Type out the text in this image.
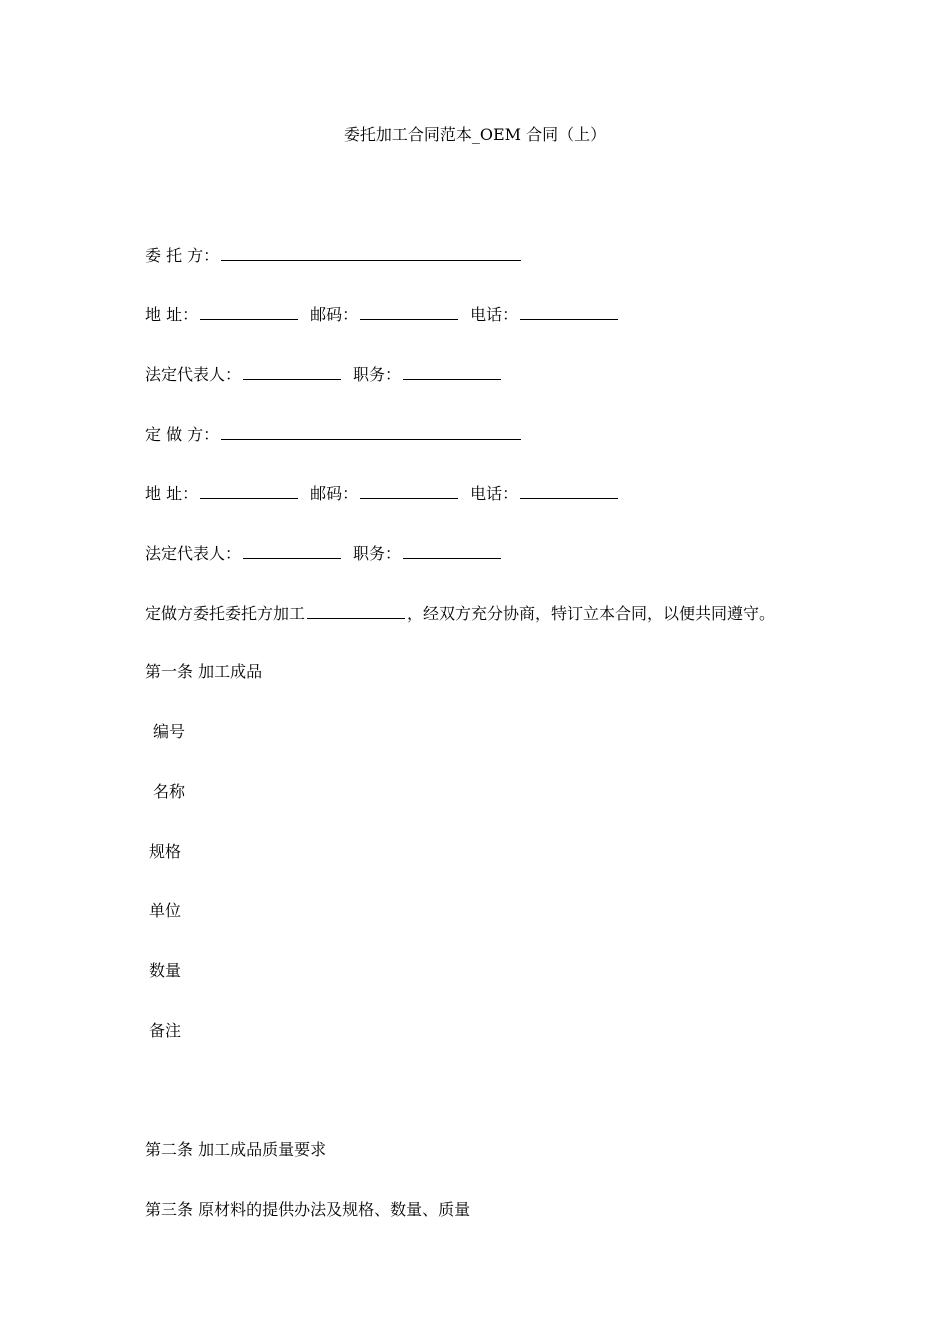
委托加工合同范本_OEM 合同（上）
委 托 方：
地 址：	邮码：	电话：
法定代表人：	职务：
定 做 方：
地 址：	邮码：	电话：
法定代表人：	职务：
定做方委托委托方加工	，经双方充分协商，特订立本合同，以便共同遵守。
第一条 加工成品
编号
名称
规格
单位
数量
备注
第二条 加工成品质量要求
第三条 原材料的提供办法及规格、数量、质量
